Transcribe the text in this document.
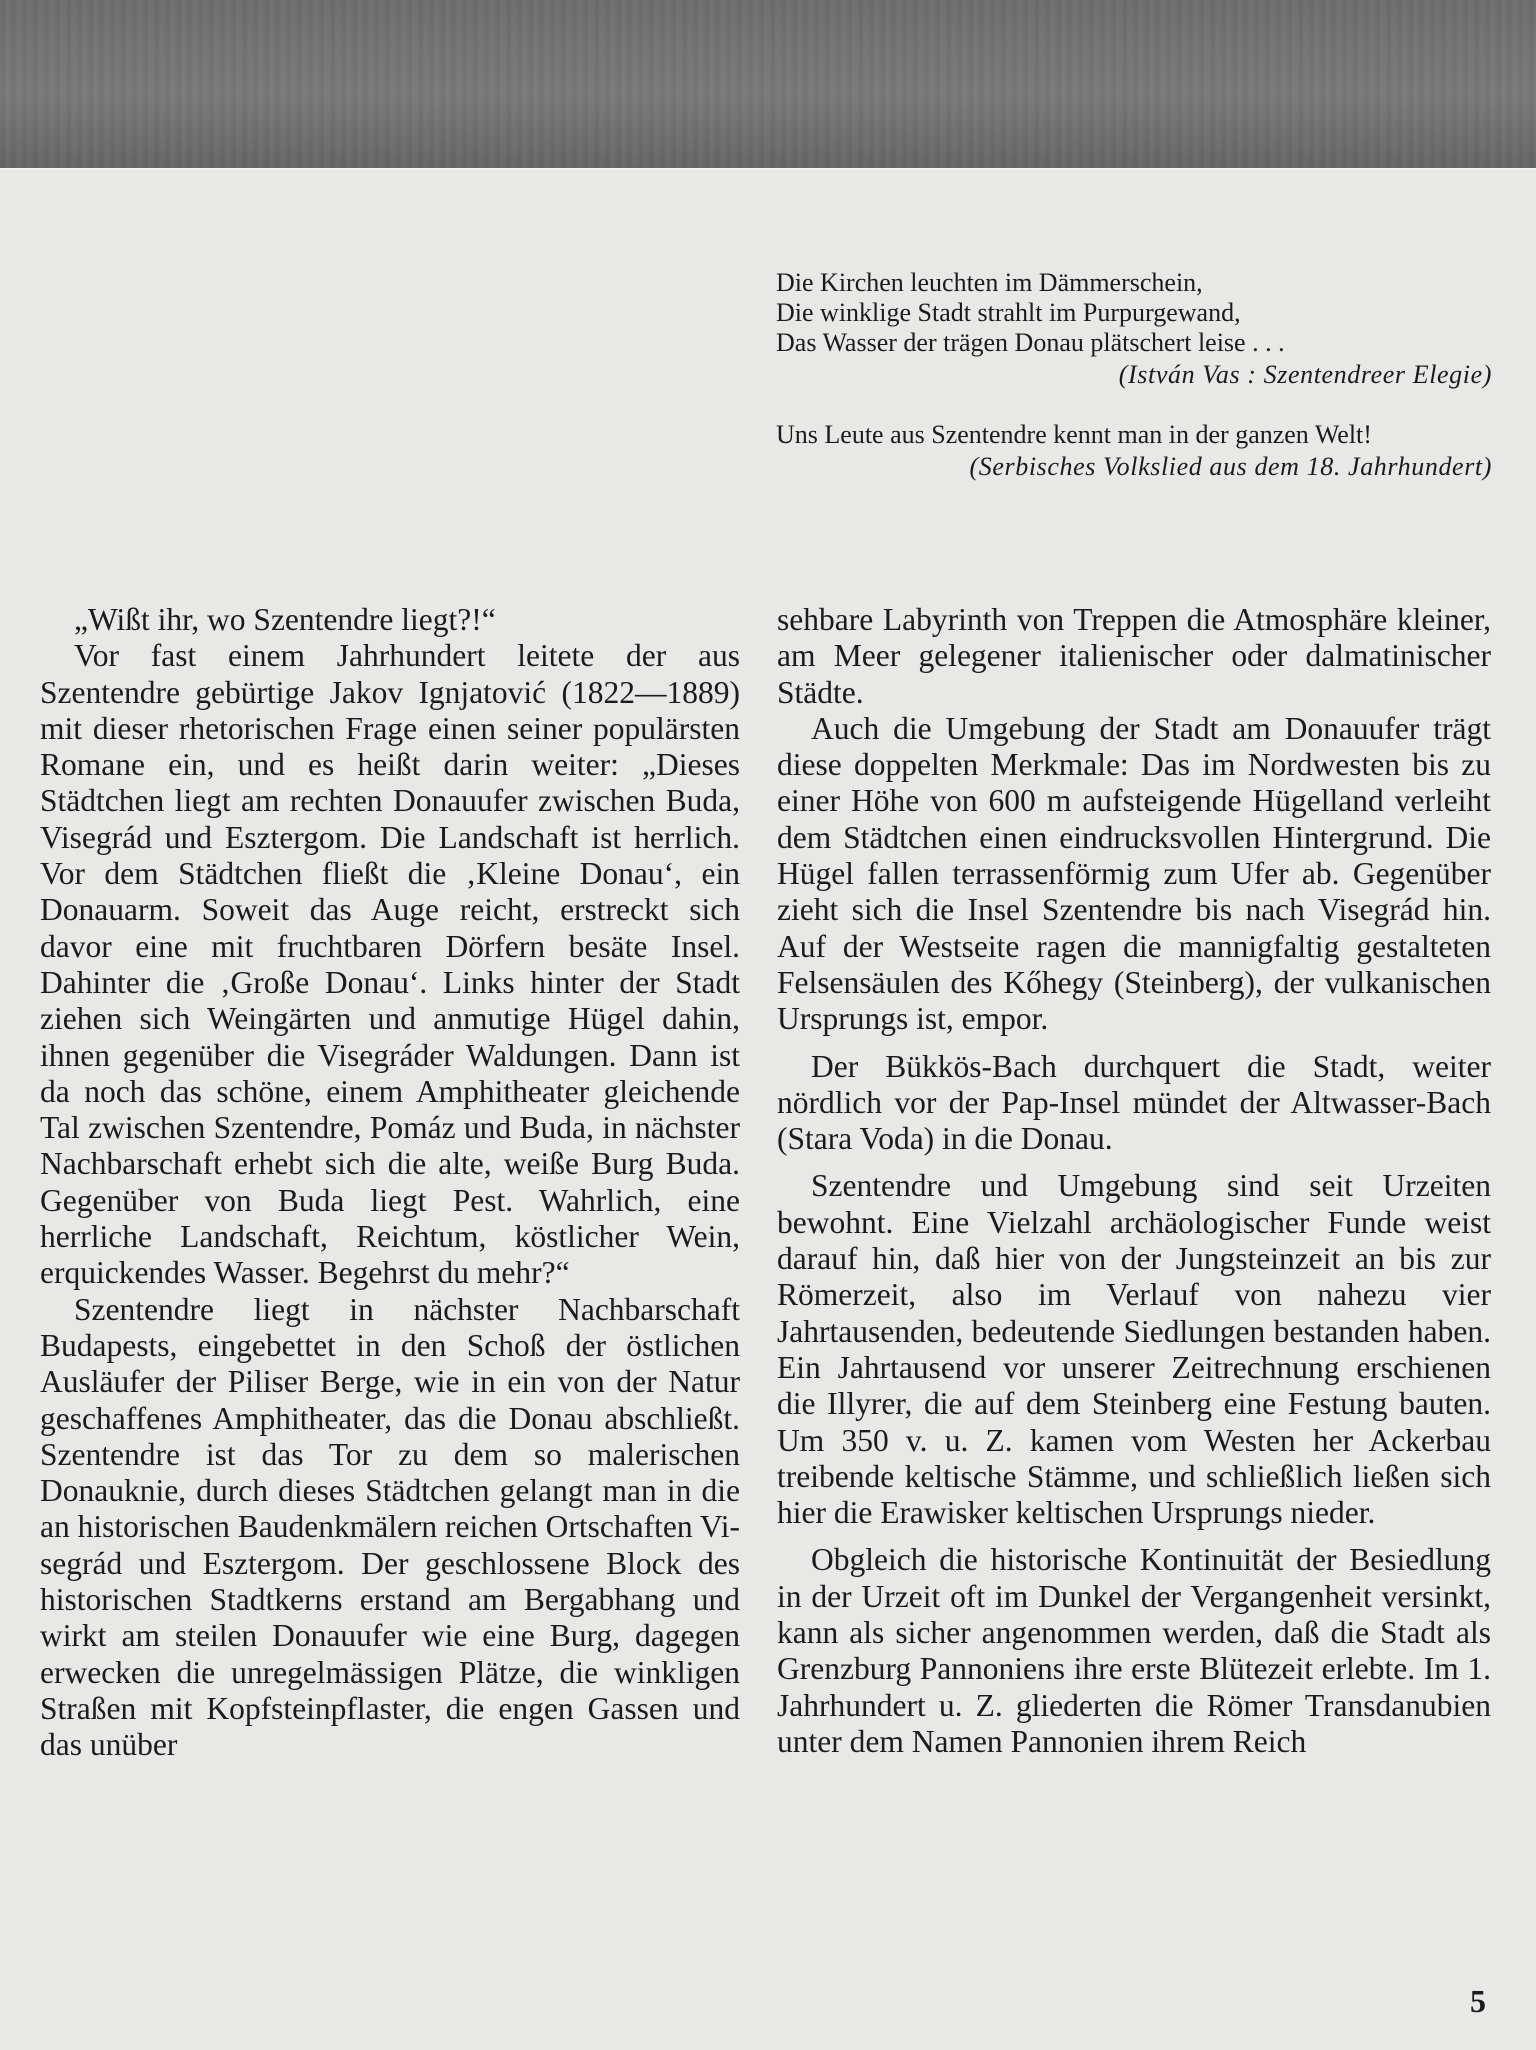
Die Kirchen leuchten im Dämmerschein,
Die winklige Stadt strahlt im Purpurgewand,
Das Wasser der trägen Donau plätschert leise . . .
(István Vas : Szentendreer Elegie)

Uns Leute aus Szentendre kennt man in der ganzen Welt!

(Serbisches Volkslied aus dem 18. Jahrhundert)

„Wißt ihr, wo Szentendre liegt?!“

Vor fast einem Jahrhundert leitete der aus Szentendre gebürtige Jakov Ignjatović (1822—1889) mit dieser rhetorischen Frage einen seiner populärsten Romane ein, und es heißt darin weiter: „Dieses Städtchen liegt am rechten Donauufer zwischen Buda, Visegrád und Esztergom. Die Landschaft ist herrlich. Vor dem Städtchen fließt die ‚Kleine Donau‘, ein Donauarm. Soweit das Auge reicht, erstreckt sich davor eine mit fruchtbaren Dörfern besäte Insel. Dahinter die ‚Große Donau‘. Links hinter der Stadt ziehen sich Weingärten und anmutige Hügel dahin, ihnen gegenüber die Visegráder Waldungen. Dann ist da noch das schöne, einem Amphitheater gleichende Tal zwischen Szentendre, Pomáz und Buda, in nächster Nachbarschaft erhebt sich die alte, weiße Burg Buda. Gegenüber von Buda liegt Pest. Wahrlich, eine herrliche Landschaft, Reichtum, köstlicher Wein, erquickendes Wasser. Begehrst du mehr?“

Szentendre liegt in nächster Nachbarschaft Budapests, eingebettet in den Schoß der östlichen Ausläufer der Piliser Berge, wie in ein von der Natur geschaffenes Amphitheater, das die Donau abschließt. Szentendre ist das Tor zu dem so malerischen Donauknie, durch dieses Städtchen gelangt man in die an historischen Baudenkmälern reichen Ortschaften Visegrád und Esztergom. Der geschlossene Block des historischen Stadtkerns erstand am Bergabhang und wirkt am steilen Donauufer wie eine Burg, dagegen erwecken die unregelmässigen Plätze, die winkligen Straßen mit Kopfsteinpflaster, die engen Gassen und das unüber

sehbare Labyrinth von Treppen die Atmosphäre kleiner, am Meer gelegener italienischer oder dalmatinischer Städte.

Auch die Umgebung der Stadt am Donauufer trägt diese doppelten Merkmale: Das im Nordwesten bis zu einer Höhe von 600 m aufsteigende Hügelland verleiht dem Städtchen einen eindrucksvollen Hintergrund. Die Hügel fallen terrassenförmig zum Ufer ab. Gegenüber zieht sich die Insel Szentendre bis nach Visegrád hin. Auf der Westseite ragen die mannigfaltig gestalteten Felsensäulen des Kőhegy (Steinberg), der vulkanischen Ursprungs ist, empor.

Der Bükkös-Bach durchquert die Stadt, weiter nördlich vor der Pap-Insel mündet der Altwasser-Bach (Stara Voda) in die Donau.

Szentendre und Umgebung sind seit Urzeiten bewohnt. Eine Vielzahl archäologischer Funde weist darauf hin, daß hier von der Jungsteinzeit an bis zur Römerzeit, also im Verlauf von nahezu vier Jahrtausenden, bedeutende Siedlungen bestanden haben. Ein Jahrtausend vor unserer Zeitrechnung erschienen die Illyrer, die auf dem Steinberg eine Festung bauten. Um 350 v. u. Z. kamen vom Westen her Ackerbau treibende keltische Stämme, und schließlich ließen sich hier die Erawisker keltischen Ursprungs nieder.

Obgleich die historische Kontinuität der Besiedlung in der Urzeit oft im Dunkel der Vergangenheit versinkt, kann als sicher angenommen werden, daß die Stadt als Grenzburg Pannoniens ihre erste Blütezeit erlebte. Im 1. Jahrhundert u. Z. gliederten die Römer Transdanubien unter dem Namen Pannonien ihrem Reich

5
